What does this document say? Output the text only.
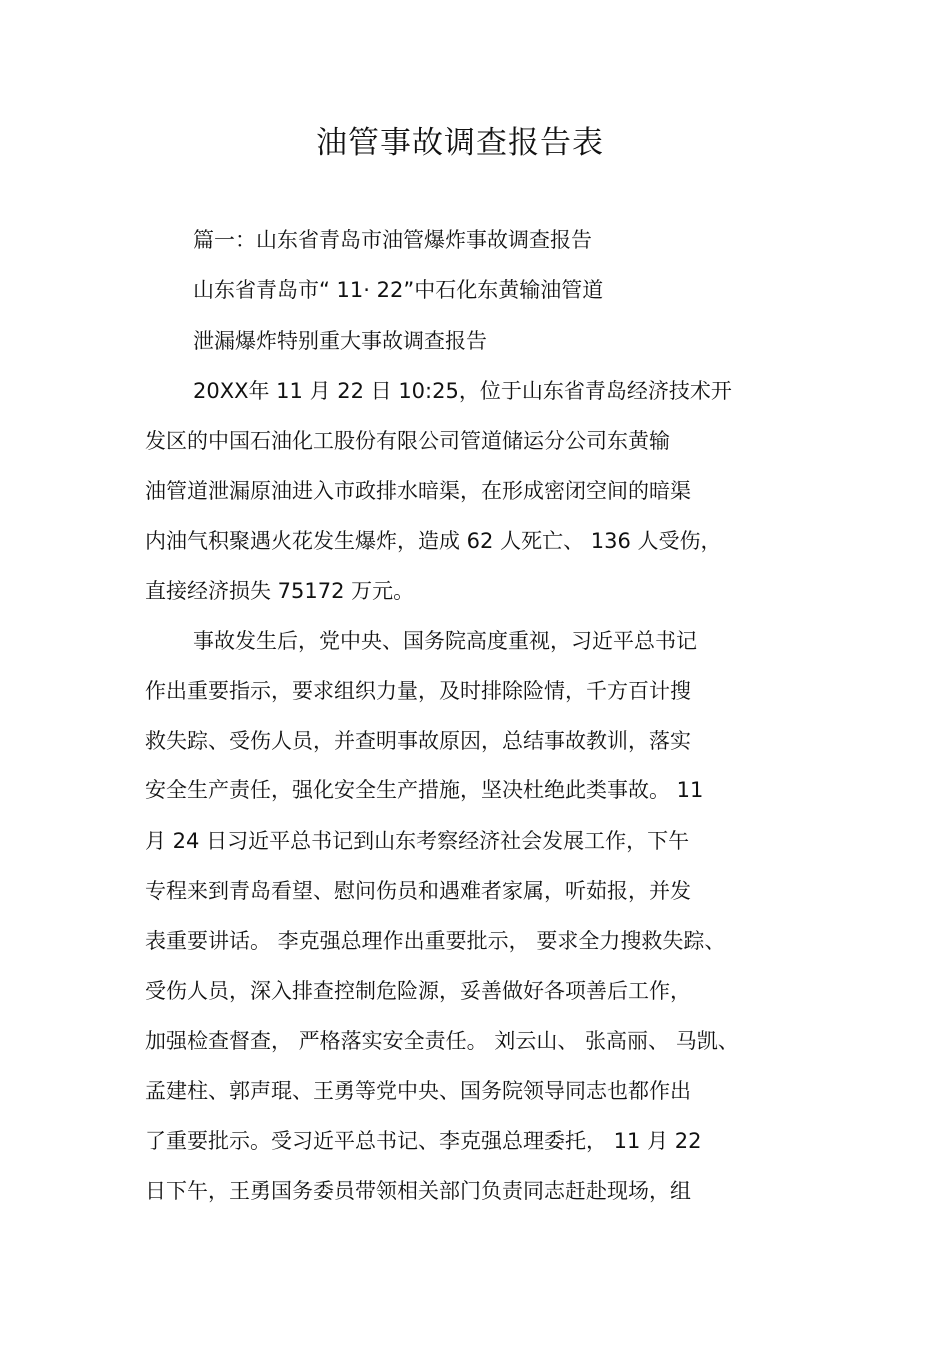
油管事故调查报告表
篇一：山东省青岛市油管爆炸事故调查报告
山东省青岛市“ 11· 22”中石化东黄输油管道
泄漏爆炸特别重大事故调查报告
20XX年 11 月 22 日 10:25，位于山东省青岛经济技术开
发区的中国石油化工股份有限公司管道储运分公司东黄输
油管道泄漏原油进入市政排水暗渠，在形成密闭空间的暗渠
内油气积聚遇火花发生爆炸，造成 62 人死亡、 136 人受伤，
直接经济损失 75172 万元。
事故发生后，党中央、国务院高度重视，习近平总书记
作出重要指示，要求组织力量，及时排除险情，千方百计搜
救失踪、受伤人员，并查明事故原因，总结事故教训，落实
安全生产责任，强化安全生产措施，坚决杜绝此类事故。 11
月 24 日习近平总书记到山东考察经济社会发展工作，下午
专程来到青岛看望、慰问伤员和遇难者家属，听茹报，并发
表重要讲话。 李克强总理作出重要批示， 要求全力搜救失踪、
受伤人员，深入排查控制危险源，妥善做好各项善后工作，
加强检查督查， 严格落实安全责任。 刘云山、 张高丽、 马凯、
孟建柱、郭声琨、王勇等党中央、国务院领导同志也都作出
了重要批示。受习近平总书记、李克强总理委托， 11 月 22
日下午，王勇国务委员带领相关部门负责同志赶赴现场，组
